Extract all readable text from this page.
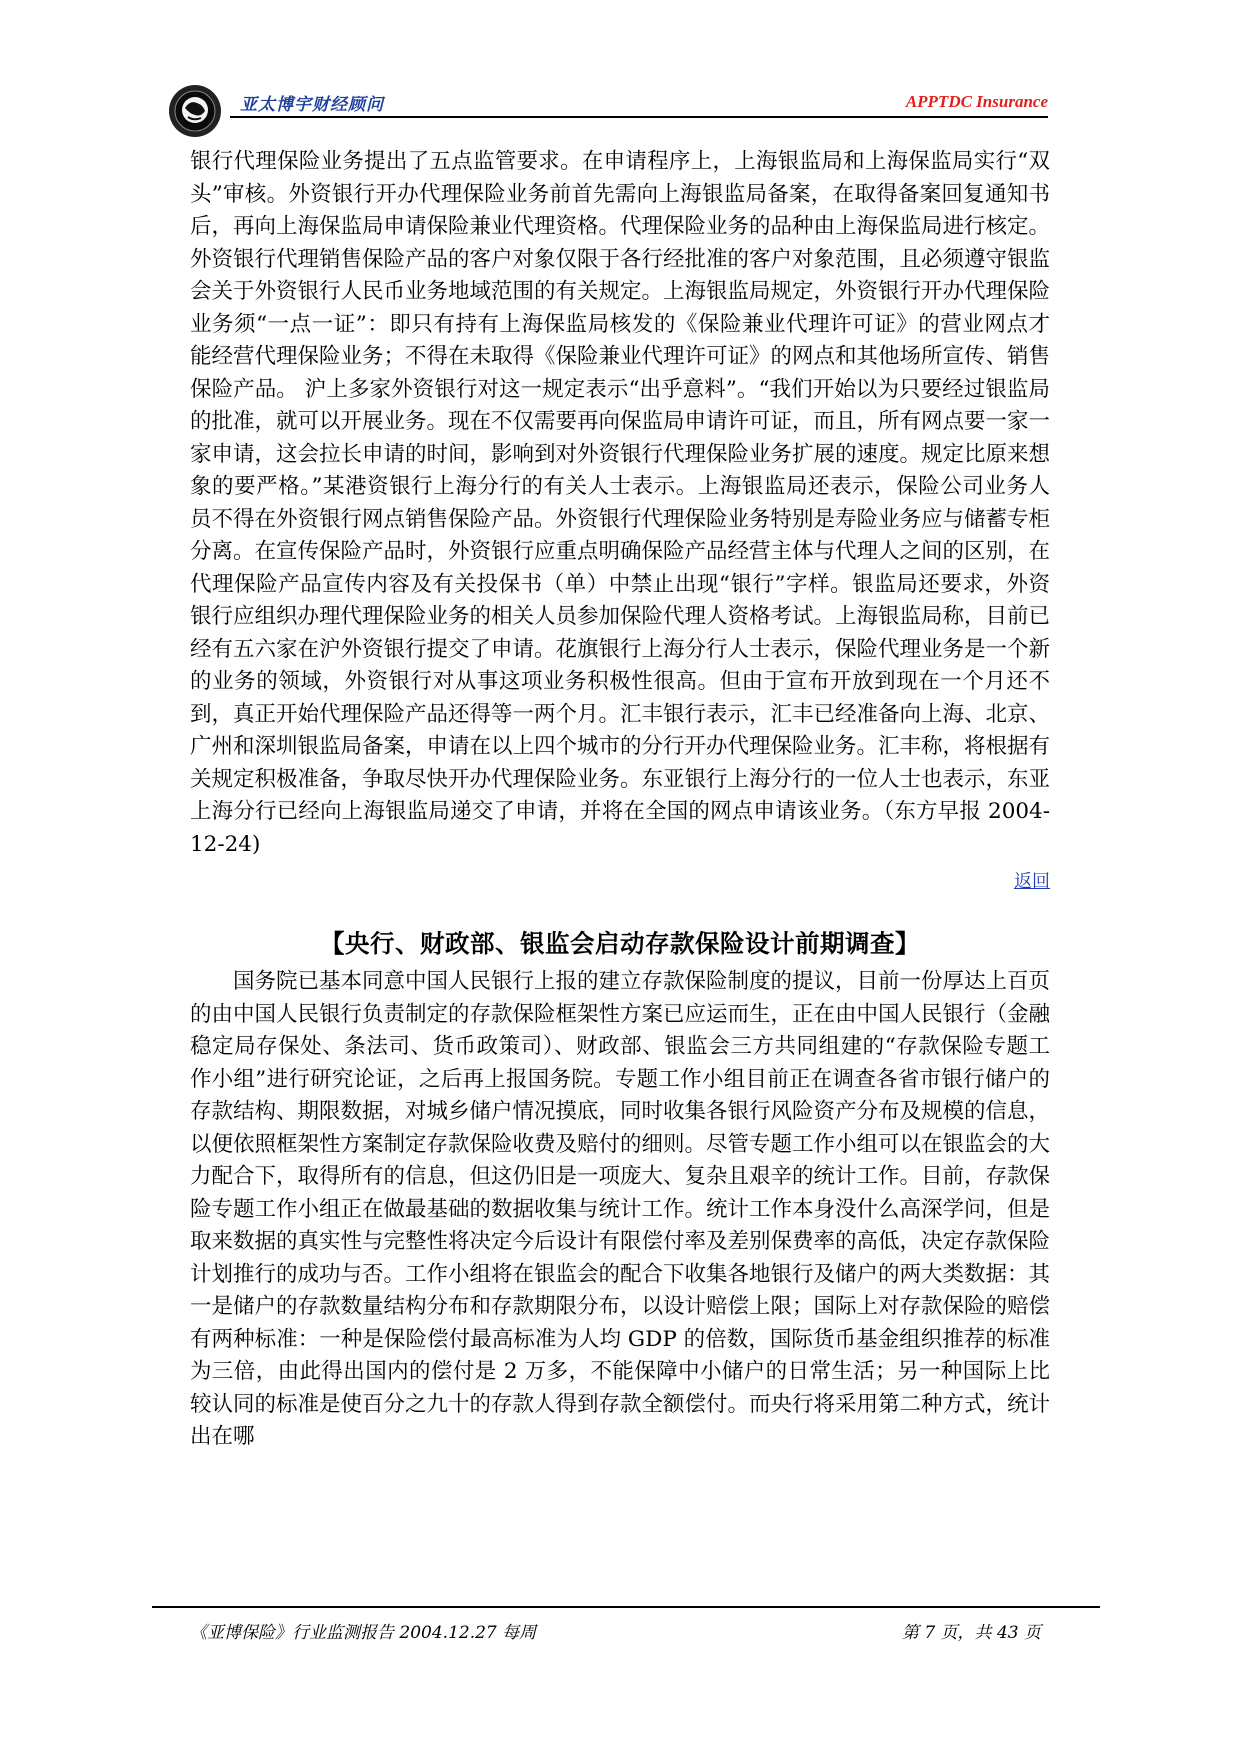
亚太博宇财经顾问	APPTDC Insurance

银行代理保险业务提出了五点监管要求。在申请程序上，上海银监局和上海保监局实行“双头”审核。外资银行开办代理保险业务前首先需向上海银监局备案，在取得备案回复通知书后，再向上海保监局申请保险兼业代理资格。代理保险业务的品种由上海保监局进行核定。外资银行代理销售保险产品的客户对象仅限于各行经批准的客户对象范围，且必须遵守银监会关于外资银行人民币业务地域范围的有关规定。上海银监局规定，外资银行开办代理保险业务须“一点一证”：即只有持有上海保监局核发的《保险兼业代理许可证》的营业网点才能经营代理保险业务；不得在未取得《保险兼业代理许可证》的网点和其他场所宣传、销售保险产品。 沪上多家外资银行对这一规定表示“出乎意料”。“我们开始以为只要经过银监局的批准，就可以开展业务。现在不仅需要再向保监局申请许可证，而且，所有网点要一家一家申请，这会拉长申请的时间，影响到对外资银行代理保险业务扩展的速度。规定比原来想象的要严格。”某港资银行上海分行的有关人士表示。上海银监局还表示，保险公司业务人员不得在外资银行网点销售保险产品。外资银行代理保险业务特别是寿险业务应与储蓄专柜分离。在宣传保险产品时，外资银行应重点明确保险产品经营主体与代理人之间的区别，在代理保险产品宣传内容及有关投保书（单）中禁止出现“银行”字样。银监局还要求，外资银行应组织办理代理保险业务的相关人员参加保险代理人资格考试。上海银监局称，目前已经有五六家在沪外资银行提交了申请。花旗银行上海分行人士表示，保险代理业务是一个新的业务的领域，外资银行对从事这项业务积极性很高。但由于宣布开放到现在一个月还不到，真正开始代理保险产品还得等一两个月。汇丰银行表示，汇丰已经准备向上海、北京、广州和深圳银监局备案，申请在以上四个城市的分行开办代理保险业务。汇丰称，将根据有关规定积极准备，争取尽快开办代理保险业务。东亚银行上海分行的一位人士也表示，东亚上海分行已经向上海银监局递交了申请，并将在全国的网点申请该业务。（东方早报 2004-12-24)

返回
【央行、财政部、银监会启动存款保险设计前期调查】

国务院已基本同意中国人民银行上报的建立存款保险制度的提议，目前一份厚达上百页的由中国人民银行负责制定的存款保险框架性方案已应运而生，正在由中国人民银行（金融稳定局存保处、条法司、货币政策司）、财政部、银监会三方共同组建的“存款保险专题工作小组”进行研究论证，之后再上报国务院。专题工作小组目前正在调查各省市银行储户的存款结构、期限数据，对城乡储户情况摸底，同时收集各银行风险资产分布及规模的信息，以便依照框架性方案制定存款保险收费及赔付的细则。尽管专题工作小组可以在银监会的大力配合下，取得所有的信息，但这仍旧是一项庞大、复杂且艰辛的统计工作。目前，存款保险专题工作小组正在做最基础的数据收集与统计工作。统计工作本身没什么高深学问，但是取来数据的真实性与完整性将决定今后设计有限偿付率及差别保费率的高低，决定存款保险计划推行的成功与否。工作小组将在银监会的配合下收集各地银行及储户的两大类数据：其一是储户的存款数量结构分布和存款期限分布，以设计赔偿上限；国际上对存款保险的赔偿有两种标准：一种是保险偿付最高标准为人均 GDP 的倍数，国际货币基金组织推荐的标准为三倍，由此得出国内的偿付是 2 万多，不能保障中小储户的日常生活；另一种国际上比较认同的标准是使百分之九十的存款人得到存款全额偿付。而央行将采用第二种方式，统计出在哪

《亚博保险》行业监测报告 2004.12.27 每周	第 7 页，共 43 页
